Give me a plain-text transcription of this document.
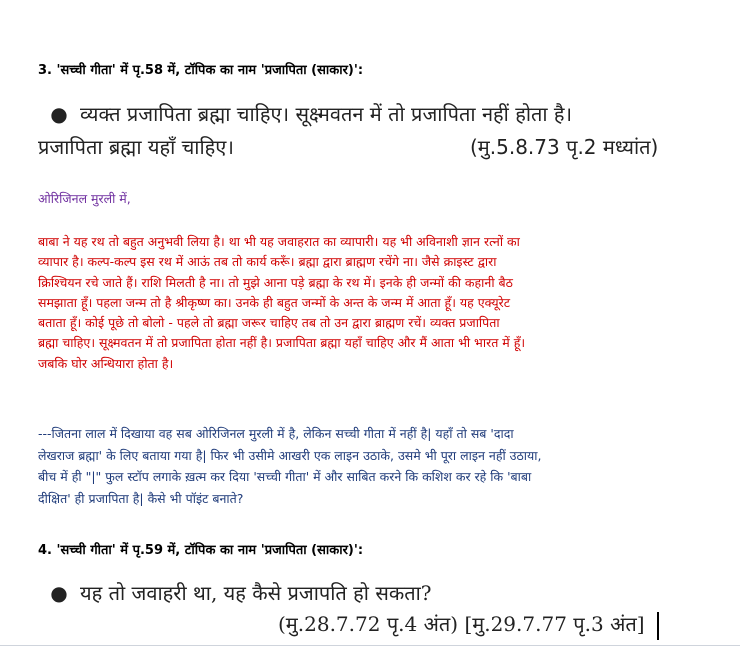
3. 'सच्ची गीता' में पृ.58 में, टॉपिक का नाम 'प्रजापिता (साकार)':
● व्यक्त प्रजापिता ब्रह्मा चाहिए। सूक्ष्मवतन में तो प्रजापिता नहीं होता है।
प्रजापिता ब्रह्मा यहाँ चाहिए।	(मु.5.8.73 पृ.2 मध्यांत)
ओरिजिनल मुरली में,
बाबा ने यह रथ तो बहुत अनुभवी लिया है। था भी यह जवाहरात का व्यापारी। यह भी अविनाशी ज्ञान रत्नों का
व्यापार है। कल्प-कल्प इस रथ में आऊं तब तो कार्य करूँ। ब्रह्मा द्वारा ब्राह्मण रचेंगे ना। जैसे क्राइस्ट द्वारा
क्रिश्चियन रचे जाते हैं। राशि मिलती है ना। तो मुझे आना पड़े ब्रह्मा के रथ में। इनके ही जन्मों की कहानी बैठ
समझाता हूँ। पहला जन्म तो है श्रीकृष्ण का। उनके ही बहुत जन्मों के अन्त के जन्म में आता हूँ। यह एक्यूरेट
बताता हूँ। कोई पूछे तो बोलो - पहले तो ब्रह्मा जरूर चाहिए तब तो उन द्वारा ब्राह्मण रचें। व्यक्त प्रजापिता
ब्रह्मा चाहिए। सूक्ष्मवतन में तो प्रजापिता होता नहीं है। प्रजापिता ब्रह्मा यहाँ चाहिए और मैं आता भी भारत में हूँ।
जबकि घोर अन्धियारा होता है।
---जितना लाल में दिखाया वह सब ओरिजिनल मुरली में है, लेकिन सच्ची गीता में नहीं है| यहाँ तो सब 'दादा
लेखराज ब्रह्मा' के लिए बताया गया है| फिर भी उसीमे आखरी एक लाइन उठाके, उसमे भी पूरा लाइन नहीं उठाया,
बीच में ही "|" फुल स्टॉप लगाके ख़त्म कर दिया 'सच्ची गीता' में और साबित करने कि कशिश कर रहे कि 'बाबा
दीक्षित' ही प्रजापिता है| कैसे भी पॉइंट बनाते?
4. 'सच्ची गीता' में पृ.59 में, टॉपिक का नाम 'प्रजापिता (साकार)':
● यह तो जवाहरी था, यह कैसे प्रजापति हो सकता?
(मु.28.7.72 पृ.4 अंत) [मु.29.7.77 पृ.3 अंत]
